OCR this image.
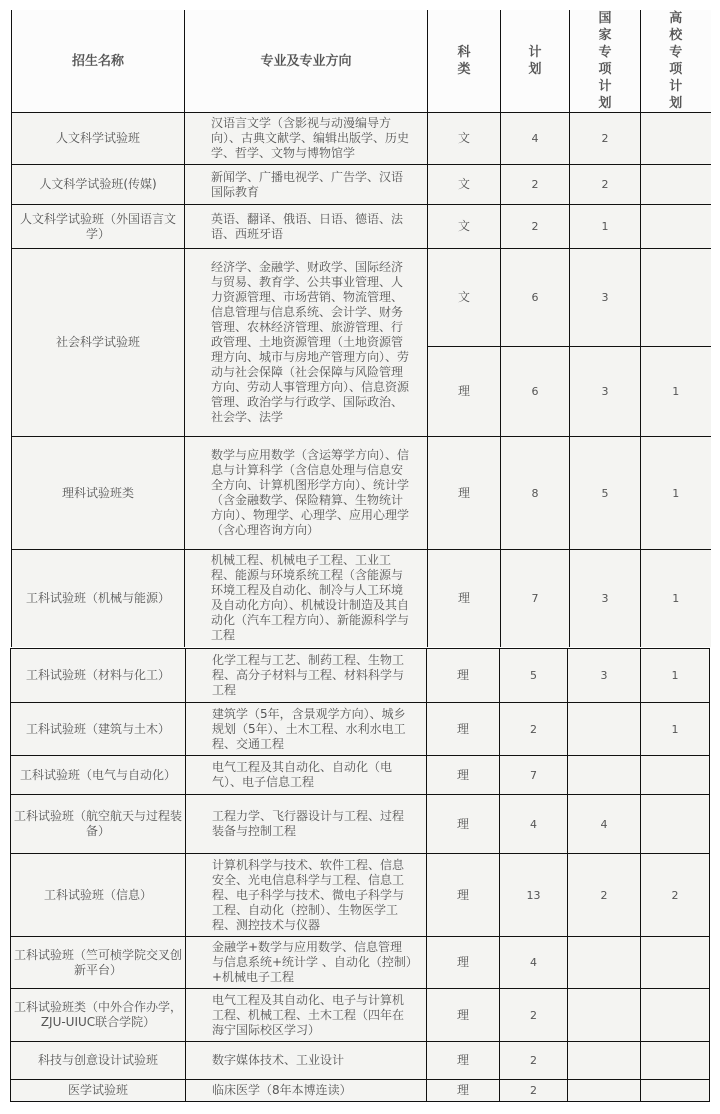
招生名称	专业及专业方向	科类	计划	国家专项计划	高校专项计划

人文科学试验班	汉语言文学（含影视与动漫编导方向）、古典文献学、编辑出版学、历史学、哲学、文物与博物馆学	文	4	2	
人文科学试验班(传媒)	新闻学、广播电视学、广告学、汉语国际教育	文	2	2	
人文科学试验班（外国语言文学）	英语、翻译、俄语、日语、德语、法语、西班牙语	文	2	1	
社会科学试验班	经济学、金融学、财政学、国际经济与贸易、教育学、公共事业管理、人力资源管理、市场营销、物流管理、信息管理与信息系统、会计学、财务管理、农林经济管理、旅游管理、行政管理、土地资源管理（土地资源管理方向、城市与房地产管理方向）、劳动与社会保障（社会保障与风险管理方向、劳动人事管理方向）、信息资源管理、政治学与行政学、国际政治、社会学、法学	文	6	3	
		理	6	3	1
理科试验班类	数学与应用数学（含运筹学方向）、信息与计算科学（含信息处理与信息安全方向、计算机图形学方向）、统计学（含金融数学、保险精算、生物统计方向）、物理学、心理学、应用心理学（含心理咨询方向）	理	8	5	1
工科试验班（机械与能源）	机械工程、机械电子工程、工业工程、能源与环境系统工程（含能源与环境工程及自动化、制冷与人工环境及自动化方向）、机械设计制造及其自动化（汽车工程方向）、新能源科学与工程	理	7	3	1
工科试验班（材料与化工）	化学工程与工艺、制药工程、生物工程、高分子材料与工程、材料科学与工程	理	5	3	1
工科试验班（建筑与土木）	建筑学（5年，含景观学方向）、城乡规划（5年）、土木工程、水利水电工程、交通工程	理	2		1
工科试验班（电气与自动化）	电气工程及其自动化、自动化（电气）、电子信息工程	理	7		
工科试验班（航空航天与过程装备）	工程力学、飞行器设计与工程、过程装备与控制工程	理	4	4	
工科试验班（信息）	计算机科学与技术、软件工程、信息安全、光电信息科学与工程、信息工程、电子科学与技术、微电子科学与工程、自动化（控制）、生物医学工程、测控技术与仪器	理	13	2	2
工科试验班（竺可桢学院交叉创新平台）	金融学+数学与应用数学、信息管理与信息系统+统计学 、自动化（控制）+机械电子工程	理	4		
工科试验班类（中外合作办学，ZJU-UIUC联合学院）	电气工程及其自动化、电子与计算机工程、机械工程、土木工程（四年在海宁国际校区学习）	理	2		
科技与创意设计试验班	数字媒体技术、工业设计	理	2		
医学试验班	临床医学（8年本博连读）	理	2		
